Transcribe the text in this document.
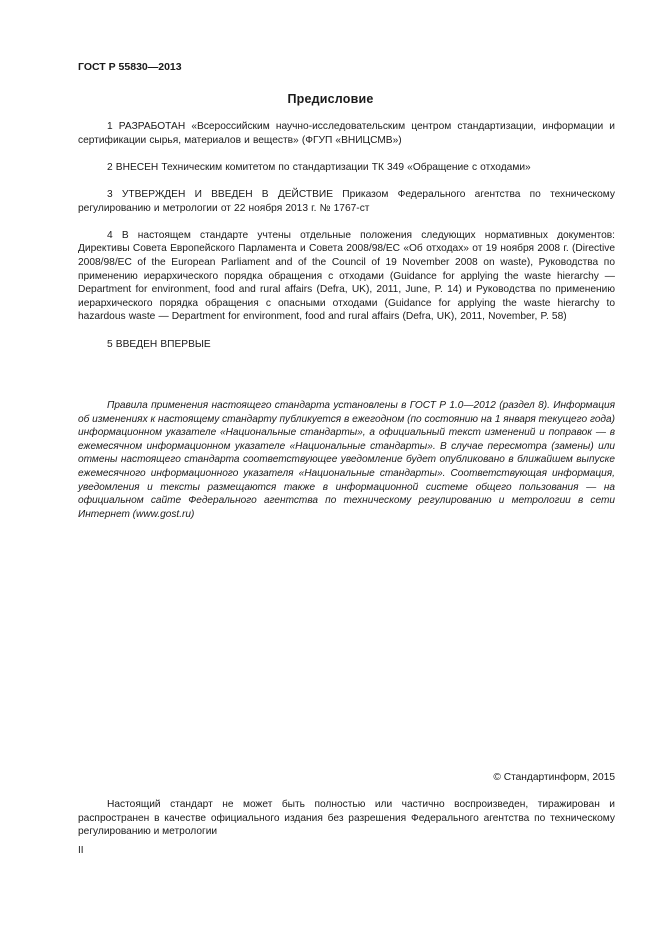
ГОСТ Р 55830—2013
Предисловие

1 РАЗРАБОТАН «Всероссийским научно-исследовательским центром стандартизации, информации и сертификации сырья, материалов и веществ» (ФГУП «ВНИЦСМВ»)

2 ВНЕСЕН Техническим комитетом по стандартизации ТК 349 «Обращение с отходами»

3 УТВЕРЖДЕН И ВВЕДЕН В ДЕЙСТВИЕ Приказом Федерального агентства по техническому регулированию и метрологии от 22 ноября 2013 г. № 1767-ст

4 В настоящем стандарте учтены отдельные положения следующих нормативных документов: Директивы Совета Европейского Парламента и Совета 2008/98/ЕС «Об отходах» от 19 ноября 2008 г. (Directive 2008/98/EC of the European Parliament and of the Council of 19 November 2008 on waste), Руководства по применению иерархического порядка обращения с отходами (Guidance for applying the waste hierarchy — Department for environment, food and rural affairs (Defra, UK), 2011, June, P. 14) и Руководства по применению иерархического порядка обращения с опасными отходами (Guidance for applying the waste hierarchy to hazardous waste — Department for environment, food and rural affairs (Defra, UK), 2011, November, P. 58)

5 ВВЕДЕН ВПЕРВЫЕ

Правила применения настоящего стандарта установлены в ГОСТ Р 1.0—2012 (раздел 8). Информация об изменениях к настоящему стандарту публикуется в ежегодном (по состоянию на 1 января текущего года) информационном указателе «Национальные стандарты», а официальный текст изменений и поправок — в ежемесячном информационном указателе «Национальные стандарты». В случае пересмотра (замены) или отмены настоящего стандарта соответствующее уведомление будет опубликовано в ближайшем выпуске ежемесячного информационного указателя «Национальные стандарты». Соответствующая информация, уведомления и тексты размещаются также в информационной системе общего пользования — на официальном сайте Федерального агентства по техническому регулированию и метрологии в сети Интернет (www.gost.ru)

© Стандартинформ, 2015

Настоящий стандарт не может быть полностью или частично воспроизведен, тиражирован и распространен в качестве официального издания без разрешения Федерального агентства по техническому регулированию и метрологии

II
